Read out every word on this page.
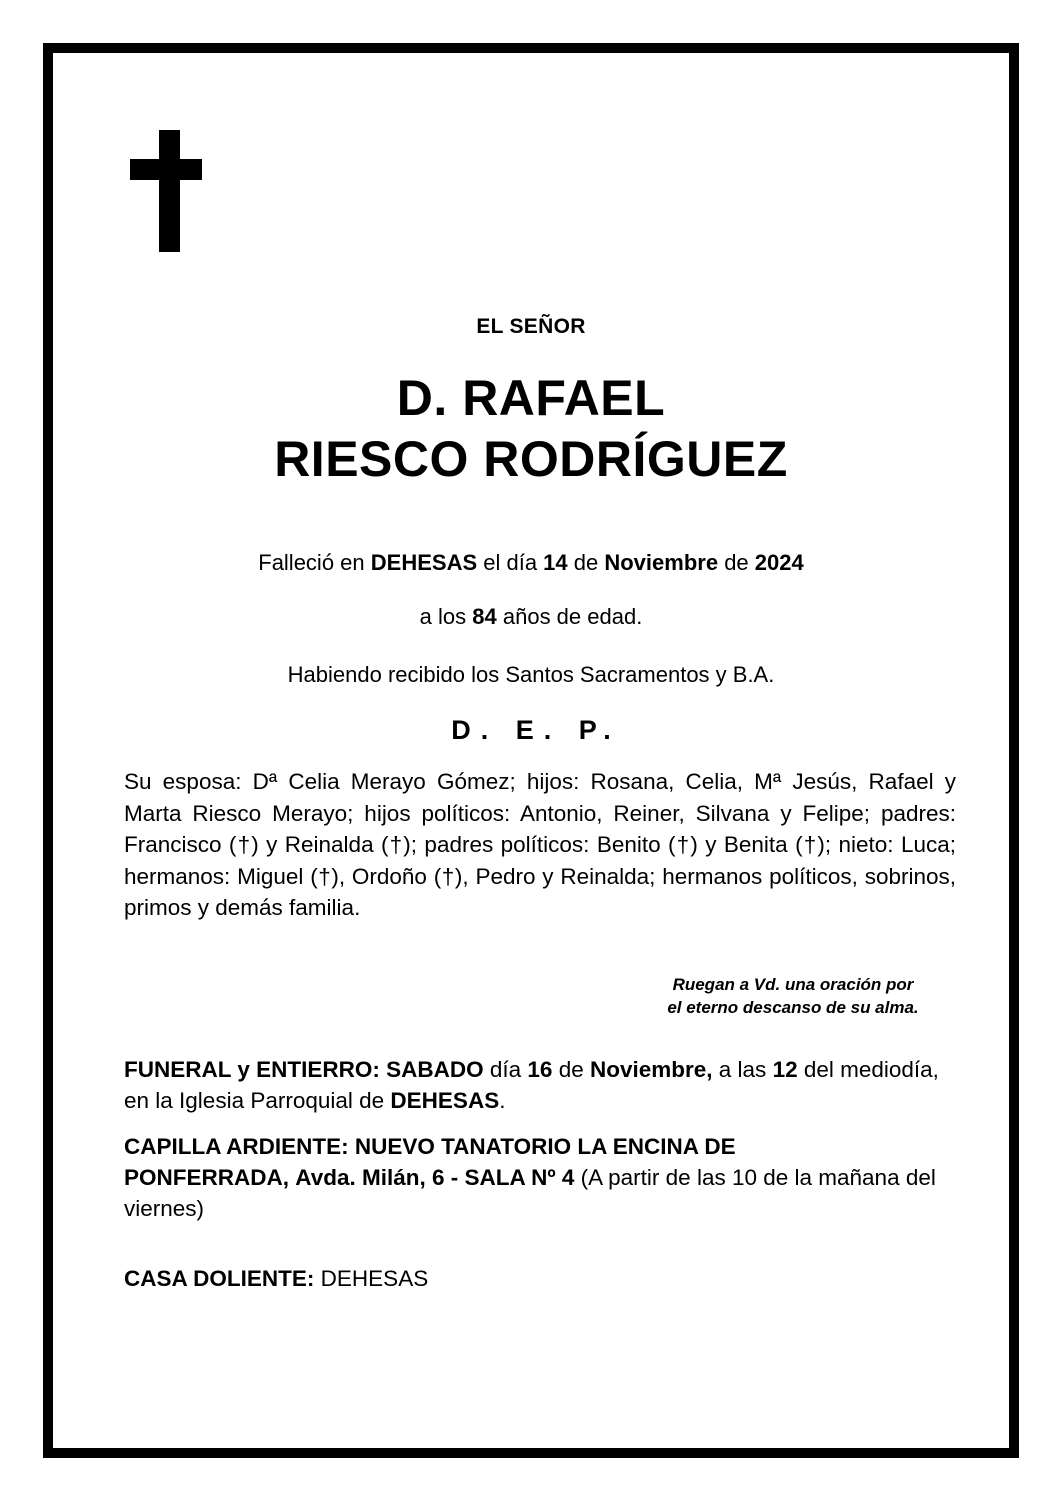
EL SEÑOR
D. RAFAEL
RIESCO RODRÍGUEZ
Falleció en DEHESAS el día 14 de Noviembre de 2024
a los 84 años de edad.
Habiendo recibido los Santos Sacramentos y B.A.
D. E. P.
Su esposa: Dª Celia Merayo Gómez; hijos: Rosana, Celia, Mª Jesús, Rafael y Marta Riesco Merayo; hijos políticos: Antonio, Reiner, Silvana y Felipe; padres: Francisco (†) y Reinalda (†); padres políticos: Benito (†) y Benita (†); nieto: Luca; hermanos: Miguel (†), Ordoño (†), Pedro y Reinalda; hermanos políticos, sobrinos, primos y demás familia.
Ruegan a Vd. una oración por
el eterno descanso de su alma.
FUNERAL y ENTIERRO: SABADO día 16 de Noviembre, a las 12 del mediodía, en la Iglesia Parroquial de DEHESAS.
CAPILLA ARDIENTE: NUEVO TANATORIO LA ENCINA DE PONFERRADA, Avda. Milán, 6 - SALA Nº 4 (A partir de las 10 de la mañana del viernes)
CASA DOLIENTE: DEHESAS
